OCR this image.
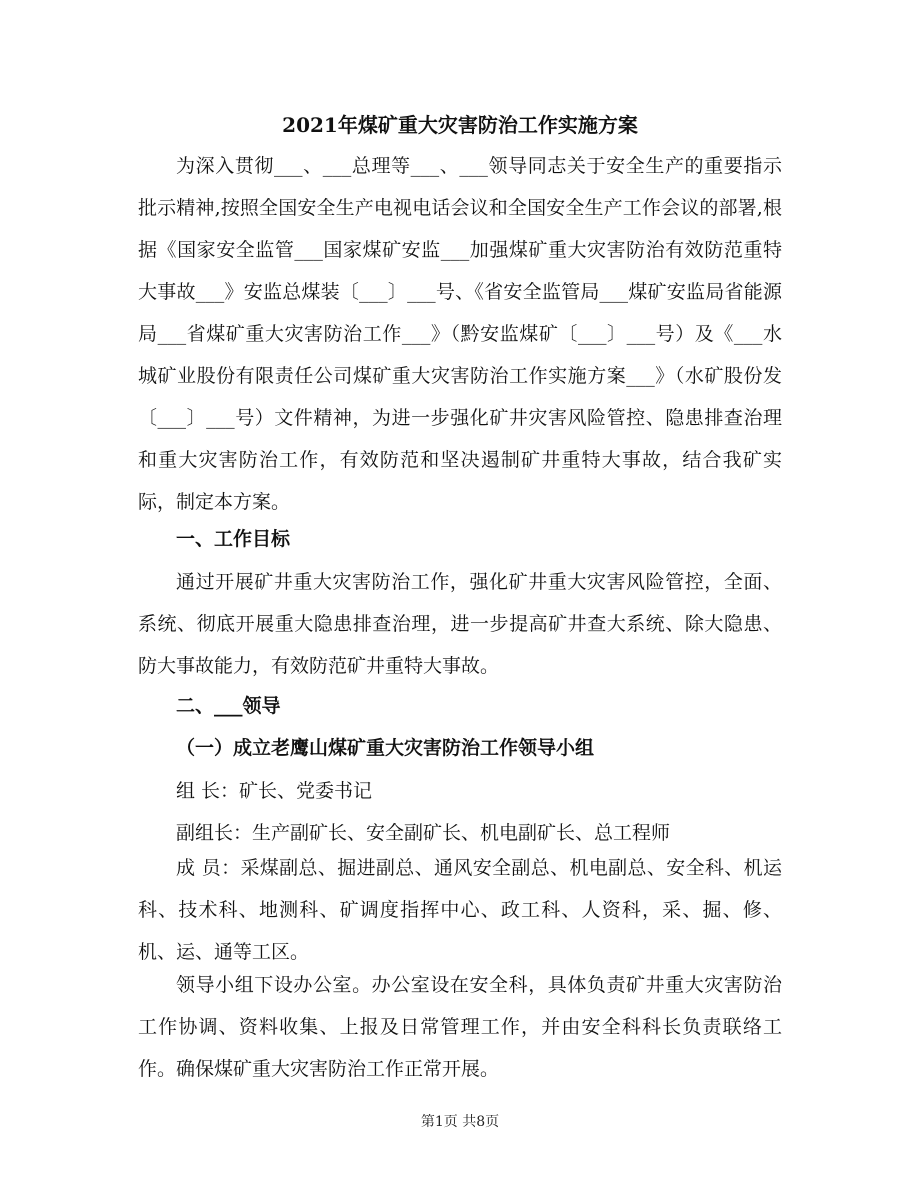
2021年煤矿重大灾害防治工作实施方案

为深入贯彻___、___总理等___、___领导同志关于安全生产的重要指示批示精神,按照全国安全生产电视电话会议和全国安全生产工作会议的部署,根据《国家安全监管___国家煤矿安监___加强煤矿重大灾害防治有效防范重特大事故___》安监总煤装〔___〕___号、《省安全监管局___煤矿安监局省能源局___省煤矿重大灾害防治工作___》（黔安监煤矿〔___〕___号）及《___水城矿业股份有限责任公司煤矿重大灾害防治工作实施方案___》（水矿股份发〔___〕___号）文件精神，为进一步强化矿井灾害风险管控、隐患排查治理和重大灾害防治工作，有效防范和坚决遏制矿井重特大事故，结合我矿实际，制定本方案。

一、工作目标

通过开展矿井重大灾害防治工作，强化矿井重大灾害风险管控，全面、系统、彻底开展重大隐患排查治理，进一步提高矿井查大系统、除大隐患、防大事故能力，有效防范矿井重特大事故。

二、___领导
（一）成立老鹰山煤矿重大灾害防治工作领导小组
组 长：矿长、党委书记
副组长：生产副矿长、安全副矿长、机电副矿长、总工程师

成 员：采煤副总、掘进副总、通风安全副总、机电副总、安全科、机运科、技术科、地测科、矿调度指挥中心、政工科、人资科，采、掘、修、机、运、通等工区。

领导小组下设办公室。办公室设在安全科，具体负责矿井重大灾害防治工作协调、资料收集、上报及日常管理工作，并由安全科科长负责联络工作。确保煤矿重大灾害防治工作正常开展。

第1页 共8页
